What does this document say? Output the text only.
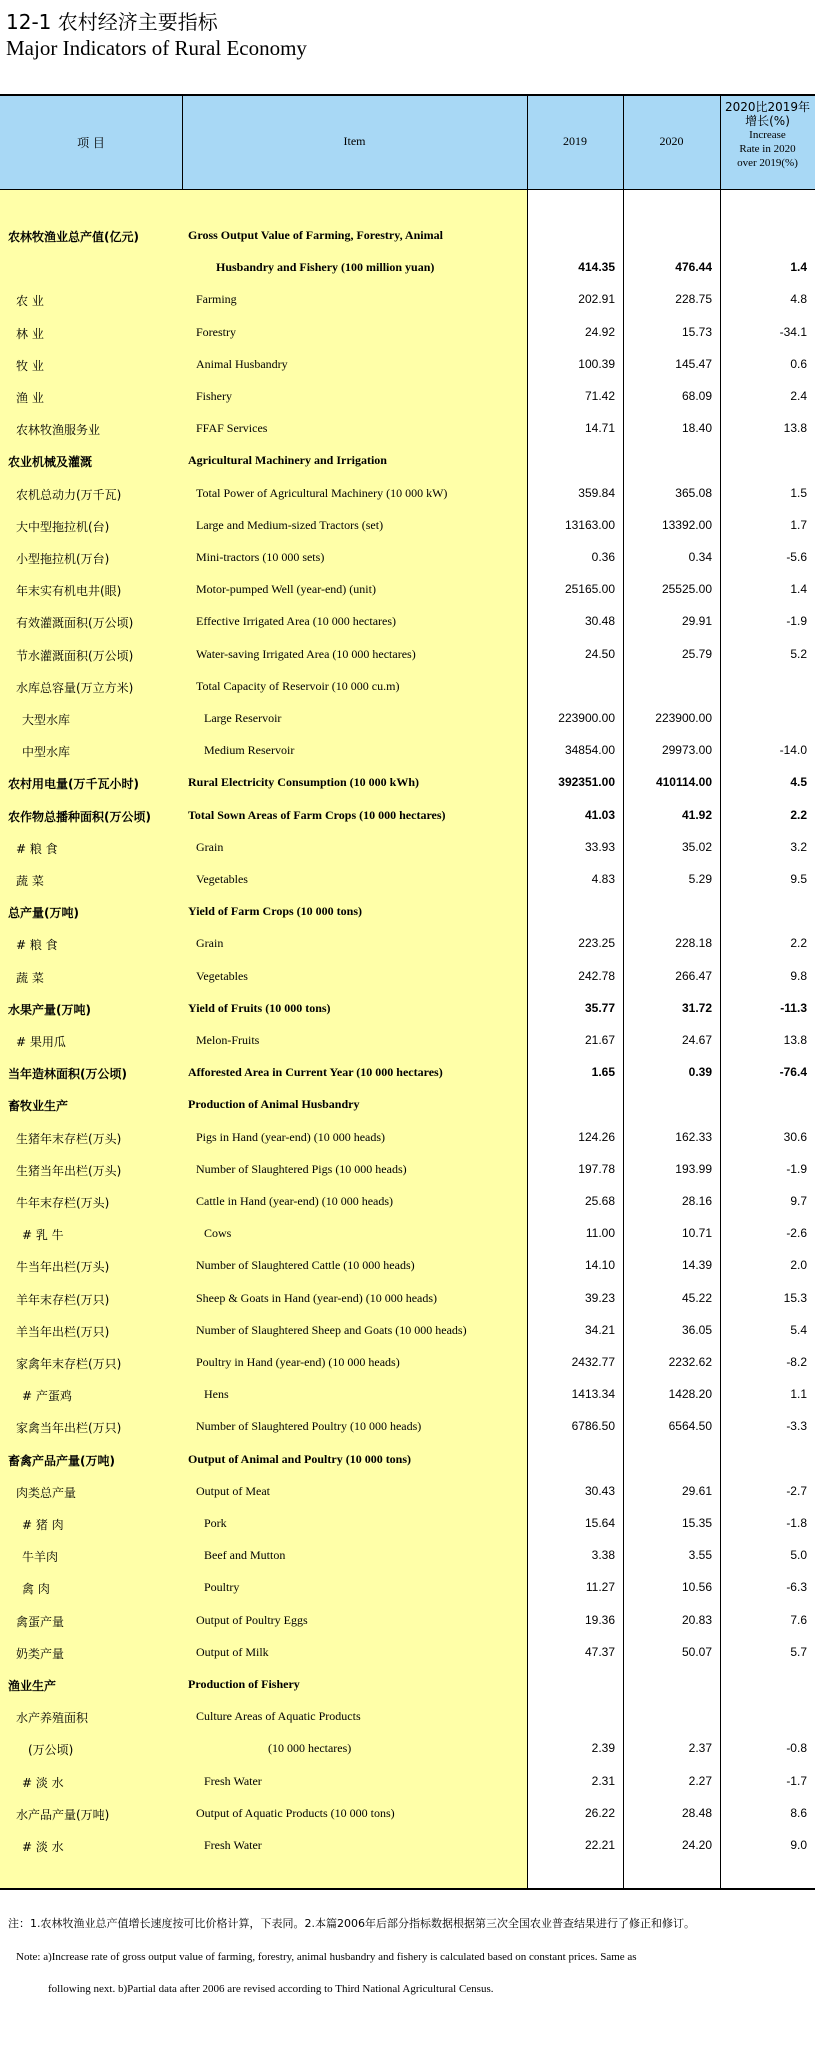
12-1 农村经济主要指标
Major Indicators of Rural Economy
项 目	Item	2019	2020
2020比2019年
增长(%)
Increase
Rate in 2020
over 2019(%)
农林牧渔业总产值(亿元)	Gross Output Value of Farming, Forestry, Animal
Husbandry and Fishery (100 million yuan)	414.35	476.44	1.4
农 业	Farming	202.91	228.75	4.8
林 业	Forestry	24.92	15.73	-34.1
牧 业	Animal Husbandry	100.39	145.47	0.6
渔 业	Fishery	71.42	68.09	2.4
农林牧渔服务业	FFAF Services	14.71	18.40	13.8
农业机械及灌溉	Agricultural Machinery and Irrigation
农机总动力(万千瓦)	Total Power of Agricultural Machinery (10 000 kW)	359.84	365.08	1.5
大中型拖拉机(台)	Large and Medium-sized Tractors (set)	13163.00	13392.00	1.7
小型拖拉机(万台)	Mini-tractors (10 000 sets)	0.36	0.34	-5.6
年末实有机电井(眼)	Motor-pumped Well (year-end) (unit)	25165.00	25525.00	1.4
有效灌溉面积(万公顷)	Effective Irrigated Area (10 000 hectares)	30.48	29.91	-1.9
节水灌溉面积(万公顷)	Water-saving Irrigated Area (10 000 hectares)	24.50	25.79	5.2
水库总容量(万立方米)	Total Capacity of Reservoir (10 000 cu.m)
大型水库	Large Reservoir	223900.00	223900.00
中型水库	Medium Reservoir	34854.00	29973.00	-14.0
农村用电量(万千瓦小时)	Rural Electricity Consumption (10 000 kWh)	392351.00	410114.00	4.5
农作物总播种面积(万公顷)	Total Sown Areas of Farm Crops (10 000 hectares)	41.03	41.92	2.2
# 粮 食	Grain	33.93	35.02	3.2
蔬 菜	Vegetables	4.83	5.29	9.5
总产量(万吨)	Yield of Farm Crops (10 000 tons)
# 粮 食	Grain	223.25	228.18	2.2
蔬 菜	Vegetables	242.78	266.47	9.8
水果产量(万吨)	Yield of Fruits (10 000 tons)	35.77	31.72	-11.3
# 果用瓜	Melon-Fruits	21.67	24.67	13.8
当年造林面积(万公顷)	Afforested Area in Current Year (10 000 hectares)	1.65	0.39	-76.4
畜牧业生产	Production of Animal Husbandry
生猪年末存栏(万头)	Pigs in Hand (year-end) (10 000 heads)	124.26	162.33	30.6
生猪当年出栏(万头)	Number of Slaughtered Pigs (10 000 heads)	197.78	193.99	-1.9
牛年末存栏(万头)	Cattle in Hand (year-end) (10 000 heads)	25.68	28.16	9.7
# 乳 牛	Cows	11.00	10.71	-2.6
牛当年出栏(万头)	Number of Slaughtered Cattle (10 000 heads)	14.10	14.39	2.0
羊年末存栏(万只)	Sheep & Goats in Hand (year-end) (10 000 heads)	39.23	45.22	15.3
羊当年出栏(万只)	Number of Slaughtered Sheep and Goats (10 000 heads)	34.21	36.05	5.4
家禽年末存栏(万只)	Poultry in Hand (year-end) (10 000 heads)	2432.77	2232.62	-8.2
# 产蛋鸡	Hens	1413.34	1428.20	1.1
家禽当年出栏(万只)	Number of Slaughtered Poultry (10 000 heads)	6786.50	6564.50	-3.3
畜禽产品产量(万吨)	Output of Animal and Poultry (10 000 tons)
肉类总产量	Output of Meat	30.43	29.61	-2.7
# 猪 肉	Pork	15.64	15.35	-1.8
牛羊肉	Beef and Mutton	3.38	3.55	5.0
禽 肉	Poultry	11.27	10.56	-6.3
禽蛋产量	Output of Poultry Eggs	19.36	20.83	7.6
奶类产量	Output of Milk	47.37	50.07	5.7
渔业生产	Production of Fishery
水产养殖面积	Culture Areas of Aquatic Products
(万公顷)	(10 000 hectares)	2.39	2.37	-0.8
# 淡 水	Fresh Water	2.31	2.27	-1.7
水产品产量(万吨)	Output of Aquatic Products (10 000 tons)	26.22	28.48	8.6
# 淡 水	Fresh Water	22.21	24.20	9.0
注：1.农林牧渔业总产值增长速度按可比价格计算，下表同。2.本篇2006年后部分指标数据根据第三次全国农业普查结果进行了修正和修订。
Note: a)Increase rate of gross output value of farming, forestry, animal husbandry and fishery is calculated based on constant prices. Same as
following next. b)Partial data after 2006 are revised according to Third National Agricultural Census.
